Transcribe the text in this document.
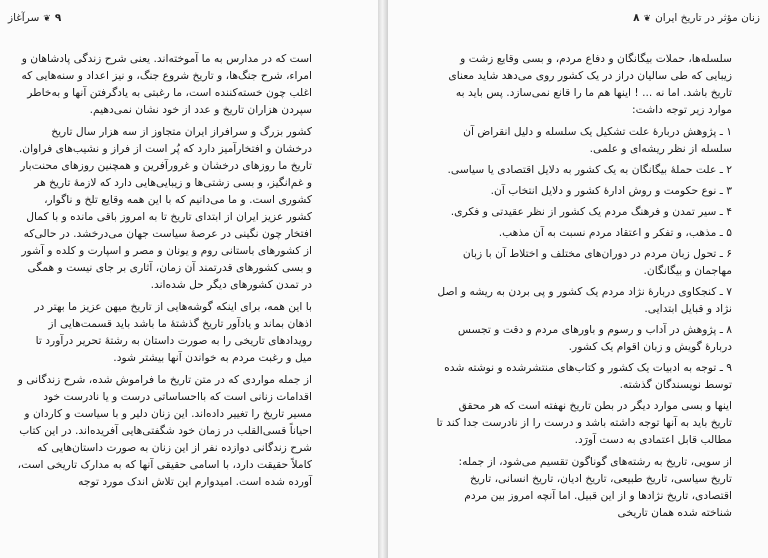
۹❦سرآغاز

است که در مدارس به ما آموخته‌اند. یعنی شرح زندگی پادشاهان و امراء، شرح جنگ‌ها، و تاریخ شروع جنگ، و نیز اعداد و سنه‌هایی که اغلب چون خسته‌کننده است، ما رغبتی به یادگرفتن آنها و به‌خاطر سپردن هزاران تاریخ و عدد از خود نشان نمی‌دهیم.

کشور بزرگ و سرافراز ایران متجاوز از سه هزار سال تاریخ درخشان و افتخارآمیز دارد که پُر است از فراز و نشیب‌های فراوان. تاریخ ما روزهای درخشان و غرورآفرین و همچنین روزهای محنت‌بار و غم‌انگیز، و بسی زشتی‌ها و زیبایی‌هایی دارد که لازمهٔ تاریخ هر کشوری است. و ما می‌دانیم که با این همه وقایع تلخ و ناگوار، کشور عزیز ایران از ابتدای تاریخ تا به امروز باقی مانده و با کمال افتخار چون نگینی در عرصهٔ سیاست جهان می‌درخشد. در حالی‌که از کشورهای باستانی روم و یونان و مصر و اسپارت و کلده و آشور و بسی کشورهای قدرتمند آن زمان، آثاری بر جای نیست و همگی در تمدن کشورهای دیگر حل شده‌اند.

با این همه، برای اینکه گوشه‌هایی از تاریخ میهن عزیز ما بهتر در اذهان بماند و یادآور تاریخ گذشتهٔ ما باشد باید قسمت‌هایی از رویدادهای تاریخی را به صورت داستان به رشتهٔ تحریر درآورد تا میل و رغبت مردم به خواندن آنها بیشتر شود.

از جمله مواردی که در متن تاریخ ما فراموش شده، شرح زندگانی و اقدامات زنانی است که بااحساساتی درست و یا نادرست خود مسیر تاریخ را تغییر داده‌اند. این زنان دلیر و با سیاست و کاردان و احیاناً قسی‌القلب در زمان خود شگفتی‌هایی آفریده‌اند. در این کتاب شرح زندگانی دوازده نفر از این زنان به صورت داستان‌هایی که کاملاً حقیقت دارد، با اسامی حقیقی آنها که به مدارک تاریخی است، آورده شده است. امیدوارم این تلاش اندک مورد توجه

زنان مؤثر در تاریخ ایران❦۸

سلسله‌ها، حملات بیگانگان و دفاع مردم، و بسی وقایع زشت و زیبایی که طی سالیان دراز در یک کشور روی می‌دهد شاید معنای تاریخ باشد. اما نه ... ! اینها هم ما را قانع نمی‌سازد. پس باید به موارد زیر توجه داشت:

۱ ـ پژوهش دربارهٔ علت تشکیل یک سلسله و دلیل انقراض آن سلسله از نظر ریشه‌ای و علمی.

۲ ـ علت حملهٔ بیگانگان به یک کشور به دلایل اقتصادی یا سیاسی.

۳ ـ نوع حکومت و روش ادارهٔ کشور و دلایل انتخاب آن.

۴ ـ سیر تمدن و فرهنگ مردم یک کشور از نظر عقیدتی و فکری.

۵ ـ مذهب، و تفکر و اعتقاد مردم نسبت به آن مذهب.

۶ ـ تحول زبان مردم در دوران‌های مختلف و اختلاط آن با زبان مهاجمان و بیگانگان.

۷ ـ کنجکاوی دربارهٔ نژاد مردم یک کشور و پی بردن به ریشه و اصل نژاد و قبایل ابتدایی.

۸ ـ پژوهش در آداب و رسوم و باورهای مردم و دقت و تجسس دربارهٔ گویش و زبان اقوام یک کشور.

۹ ـ توجه به ادبیات یک کشور و کتاب‌های منتشرشده و نوشته شده توسط نویسندگان گذشته.

اینها و بسی موارد دیگر در بطن تاریخ نهفته است که هر محقق تاریخ باید به آنها توجه داشته باشد و درست را از نادرست جدا کند تا مطالب قابل اعتمادی به دست آورَد.

از سویی، تاریخ به رشته‌های گوناگون تقسیم می‌شود، از جمله: تاریخ سیاسی، تاریخ طبیعی، تاریخ ادیان، تاریخ انسانی، تاریخ اقتصادی، تاریخ نژادها و از این قبیل. اما آنچه امروز بین مردم شناخته شده همان تاریخی
